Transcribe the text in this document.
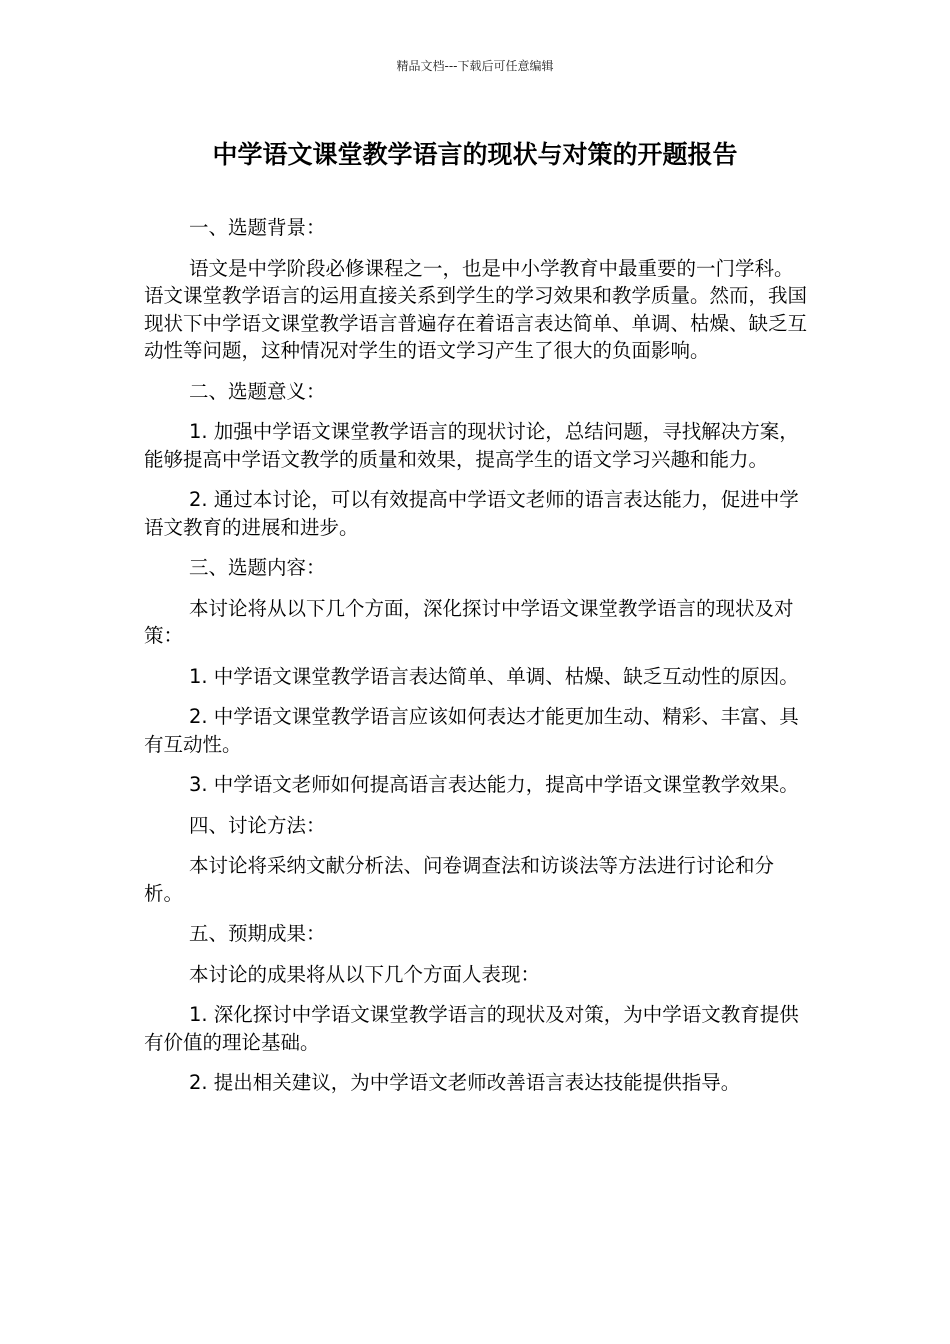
精品文档---下载后可任意编辑
中学语文课堂教学语言的现状与对策的开题报告

一、选题背景：

语文是中学阶段必修课程之一，也是中小学教育中最重要的一门学科。语文课堂教学语言的运用直接关系到学生的学习效果和教学质量。然而，我国现状下中学语文课堂教学语言普遍存在着语言表达简单、单调、枯燥、缺乏互动性等问题，这种情况对学生的语文学习产生了很大的负面影响。

二、选题意义：

1. 加强中学语文课堂教学语言的现状讨论，总结问题，寻找解决方案，能够提高中学语文教学的质量和效果，提高学生的语文学习兴趣和能力。

2. 通过本讨论，可以有效提高中学语文老师的语言表达能力，促进中学语文教育的进展和进步。

三、选题内容：

本讨论将从以下几个方面，深化探讨中学语文课堂教学语言的现状及对策：

1. 中学语文课堂教学语言表达简单、单调、枯燥、缺乏互动性的原因。

2. 中学语文课堂教学语言应该如何表达才能更加生动、精彩、丰富、具有互动性。

3. 中学语文老师如何提高语言表达能力，提高中学语文课堂教学效果。

四、讨论方法：

本讨论将采纳文献分析法、问卷调查法和访谈法等方法进行讨论和分析。

五、预期成果：

本讨论的成果将从以下几个方面人表现：

1. 深化探讨中学语文课堂教学语言的现状及对策，为中学语文教育提供有价值的理论基础。

2. 提出相关建议，为中学语文老师改善语言表达技能提供指导。
